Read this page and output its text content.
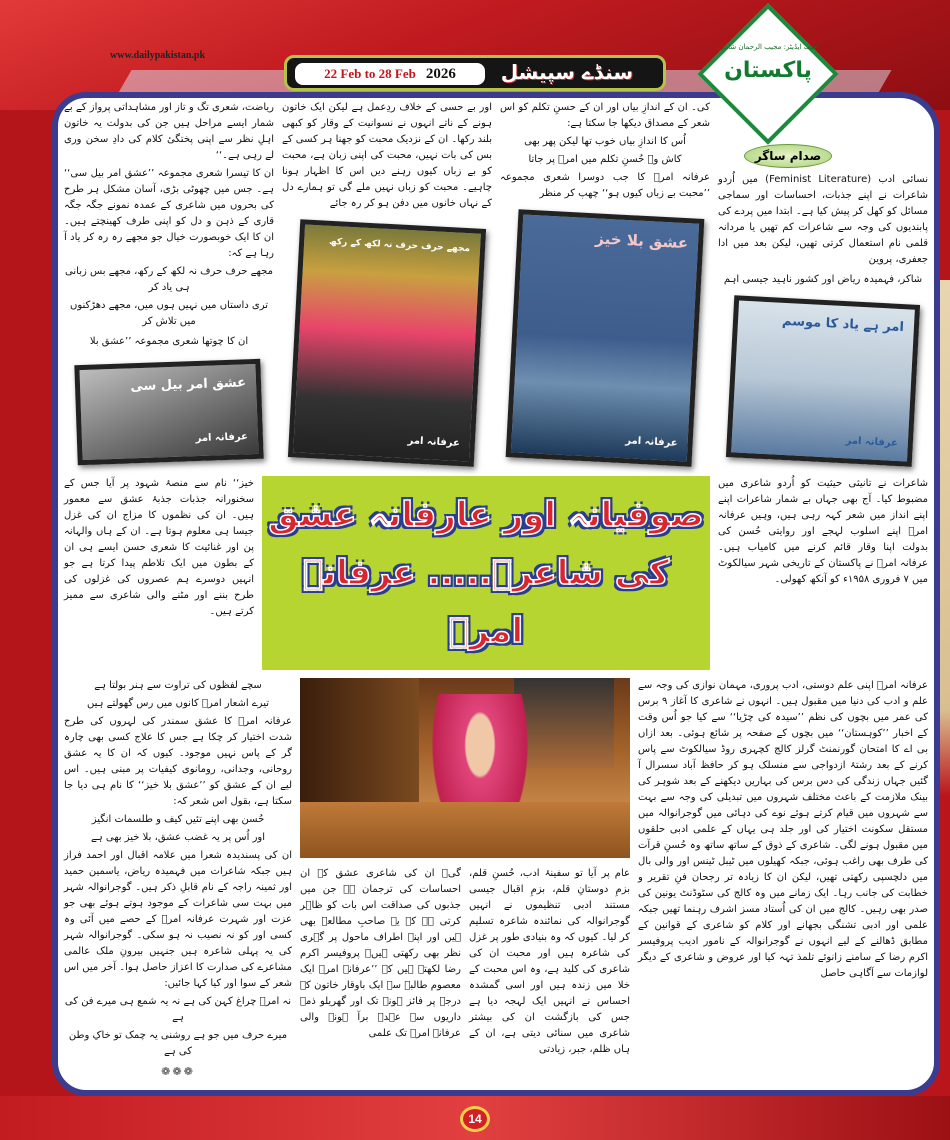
www.dailypakistan.pk
22 Feb to 28 Feb 2026 سنڈے سپیشل
چیف ایڈیٹر: مجیب الرحمان شامی
پاکستان
صدام ساگر

نسائی ادب (Feminist Literature) میں اُردو شاعرات نے اپنے جذبات، احساسات اور سماجی مسائل کو کھل کر پیش کیا ہے۔ ابتدا میں پردے کی پابندیوں کی وجہ سے شاعرات کم تھیں یا مردانہ قلمی نام استعمال کرتی تھیں، لیکن بعد میں ادا جعفری، پروین

شاکر، فہمیدہ ریاض اور کشور ناہید جیسی اہم
امر ہے یاد کا موسم
عرفانہ امر

کی۔ ان کے اندازِ بیاں اور ان کے حسنِ تکلم کو اس شعر کے مصداق دیکھا جا سکتا ہے:

اُس کا اندازِ بیاں خوب تھا لیکن پھر بھی

کاش وہ حُسنِ تکلم میں امرؔ پر جاتا

عرفانہ امرؔ کا جب دوسرا شعری مجموعہ ’’محبت بے زباں کیوں ہو‘‘ چھپ کر منظر

عشق بلا خیز
عرفانہ امر

اور بے حسی کے خلاف ردِعمل ہے لیکن ایک خاتون ہونے کے ناتے انہوں نے نسوانیت کے وقار کو کبھی بلند رکھا۔ ان کے نزدیک محبت کو جھنا ہر کسی کے بس کی بات نہیں، محبت کی اپنی زبان ہے، محبت کو بے زباں کیوں رہنے دیں اس کا اظہار ہونا چاہیے۔ محبت کو زباں نہیں ملے گی تو ہمارے دل کے نہاں خانوں میں دفن ہو کر رہ جائے

مجھے حرف حرف نہ لکھ کے رکھ
عرفانہ امر

ریاضت، شعری تگ و تاز اور مشاہداتی پرواز کے بے شمار ایسے مراحل ہیں جن کی بدولت یہ خاتون اہلِ نظر سے اپنی پختگیٔ کلام کی دادِ سخن وری لے رہی ہے۔‘‘

ان کا تیسرا شعری مجموعہ ’’عشق امر بیل سی‘‘ ہے۔ جس میں چھوٹی بڑی، آسان مشکل ہر طرح کی بحروں میں شاعری کے عمدہ نمونے جگہ جگہ قاری کے ذہن و دل کو اپنی طرف کھینچتے ہیں۔ ان کا ایک خوبصورت خیال جو مجھے رہ رہ کر یاد آ رہا ہے کہ:

مجھے حرف حرف نہ لکھ کے رکھ، مجھے بس زبانی ہی یاد کر

تری داستاں میں نہیں ہوں میں، مجھے دھڑکنوں میں تلاش کر

ان کا چوتھا شعری مجموعہ ’’عشق بلا
عشق امر بیل سی
عرفانہ امر

شاعرات نے تانیثی حیثیت کو اُردو شاعری میں مضبوط کیا۔ آج بھی جہاں بے شمار شاعرات اپنے اپنے انداز میں شعر کہہ رہی ہیں، وہیں عرفانہ امرؔ اپنے اسلوب لہجے اور روایتی حُسن کی بدولت اپنا وقار قائم کرنے میں کامیاب ہیں۔ عرفانہ امرؔ نے پاکستان کے تاریخی شہر سیالکوٹ میں ۷ فروری ۱۹۵۸ء کو آنکھ کھولی۔

صوفیانہ اور عارفانہ عشق
کی شاعرہ..... عرفانہ امرؔ

خیز‘‘ نام سے منصۂ شہود پر آیا جس کے سخنورانہ جذبات جذبۂ عشق سے معمور ہیں۔ ان کی نظموں کا مزاج ان کی غزل جیسا ہی معلوم ہوتا ہے۔ ان کے ہاں والہانہ پن اور غنائیت کا شعری حسن ایسے ہی ان کے بطون میں ایک تلاطم پیدا کرتا ہے جو انہیں دوسرے ہم عصروں کی غزلوں کی طرح بننے اور مٹنے والی شاعری سے ممیز کرتے ہیں۔

عرفانہ امرؔ اپنی علم دوستی، ادب پروری، مہمان نوازی کی وجہ سے علم و ادب کی دنیا میں مقبول ہیں۔ انہوں نے شاعری کا آغاز ۹ برس کی عمر میں بچوں کی نظم ’’سیدہ کی چڑیا‘‘ سے کیا جو اُس وقت کے اخبار ’’کوہستان‘‘ میں بچوں کے صفحہ پر شائع ہوئی۔ بعد ازاں بی اے کا امتحان گورنمنٹ گرلز کالج کچہری روڈ سیالکوٹ سے پاس کرنے کے بعد رشتۂ ازدواجی سے منسلک ہو کر حافظ آباد سسرال آ گئیں جہاں زندگی کی دس برس کی بہاریں دیکھنے کے بعد شوہر کی بینک ملازمت کے باعث مختلف شہروں میں تبدیلی کی وجہ سے بہت سے شہروں میں قیام کرتے ہوئے نوے کی دہائی میں گوجرانوالہ میں مستقل سکونت اختیار کی اور جلد ہی یہاں کے علمی ادبی حلقوں میں مقبول ہونے لگی۔ شاعری کے ذوق کے ساتھ ساتھ وہ حُسنِ قرآت کی طرف بھی راغب ہوئی، جبکہ کھیلوں میں ٹیبل ٹینس اور والی بال میں دلچسپی رکھتی تھیں، لیکن ان کا زیادہ تر رجحان فنِ تقریر و خطابت کی جانب رہا۔ ایک زمانے میں وہ کالج کی سٹوڈنٹ یونین کی صدر بھی رہیں۔ کالج میں ان کی اُستاد مسز اشرف رہنما تھیں جبکہ علمی اور ادبی تشنگی بجھانے اور کلام کو شاعری کے قوانین کے مطابق ڈھالنے کے لیے انہوں نے گوجرانوالہ کے نامور ادیب پروفیسر اکرم رضا کے سامنے زانوئے تلمذ تہہ کیا اور عروض و شاعری کے دیگر لوازمات سے آگاہی حاصل

عام پر آیا تو سفینۂ ادب، حُسنِ قلم، بزمِ دوستانِ قلم، بزمِ اقبال جیسی مستند ادبی تنظیموں نے انہیں گوجرانوالہ کی نمائندہ شاعرہ تسلیم کر لیا۔ کیوں کہ وہ بنیادی طور پر غزل کی شاعرہ ہیں اور محبت ان کی شاعری کی کلید ہے، وہ اس محبت کے خلا میں زندہ ہیں اور اسی گمشدہ احساس نے انہیں ایک لہجہ دیا ہے جس کی بازگشت ان کی بیشتر شاعری میں سنائی دیتی ہے، ان کے ہاں ظلم، جبر، زیادتی

گی۔ ان کی شاعری عشق کے ان احساسات کی ترجمان ہے جن میں جذبوں کی صداقت اس بات کو ظاہر کرتی ہے کہ یہ صاحبِ مطالعہ بھی ہیں اور اپنے اطراف ماحول پر گہری نظر بھی رکھتی ہیں۔ پروفیسر اکرم رضا لکھتے ہیں کہ ’’عرفانہ امرؔ ایک معصوم طالبہ سے ایک باوقار خاتون کے درجہ پر فائز ہونے تک اور گھریلو ذمہ داریوں سے عہدہ برآ ہونے والی عرفانہ امرؔ تک علمی

سچے لفظوں کی تراوت سے ہنر بولتا ہے

تیرے اشعار امرؔ کانوں میں رس گھولتے ہیں

عرفانہ امرؔ کا عشق سمندر کی لہروں کی طرح شدت اختیار کر چکا ہے جس کا علاج کسی بھی چارہ گر کے پاس نہیں موجود۔ کیوں کہ ان کا یہ عشق روحانی، وجدانی، رومانوی کیفیات پر مبنی ہیں۔ اس لیے ان کے عشق کو ’’عشق بلا خیز‘‘ کا نام ہی دیا جا سکتا ہے، بقول اس شعر کہ:

حُسن بھی اپنے تئیں کیف و طلسمات انگیز

اور اُس پر یہ غضب عشق، بلا خیز بھی ہے

ان کی پسندیدہ شعرا میں علامہ اقبال اور احمد فراز ہیں جبکہ شاعرات میں فہمیدہ ریاض، یاسمین حمید اور ثمینہ راجہ کے نام قابلِ ذکر ہیں۔ گوجرانوالہ شہر میں بہت سی شاعرات کے موجود ہوتے ہوئے بھی جو عزت اور شہرت عرفانہ امرؔ کے حصے میں آئی وہ کسی اور کو نہ نصیب نہ ہو سکی۔ گوجرانوالہ شہر کی یہ پہلی شاعرہ ہیں جنہیں بیرونِ ملک عالمی مشاعرے کی صدارت کا اعزاز حاصل ہوا۔ آخر میں اس شعر کے سوا اور کیا کہا جائیں:

نہ امرؔ چراغ کہن کی ہے نہ یہ شمع ہی میرے فن کی ہے

میرے حرف میں جو ہے روشنی یہ چمک تو خاکِ وطن کی ہے

❁❁❁
14
